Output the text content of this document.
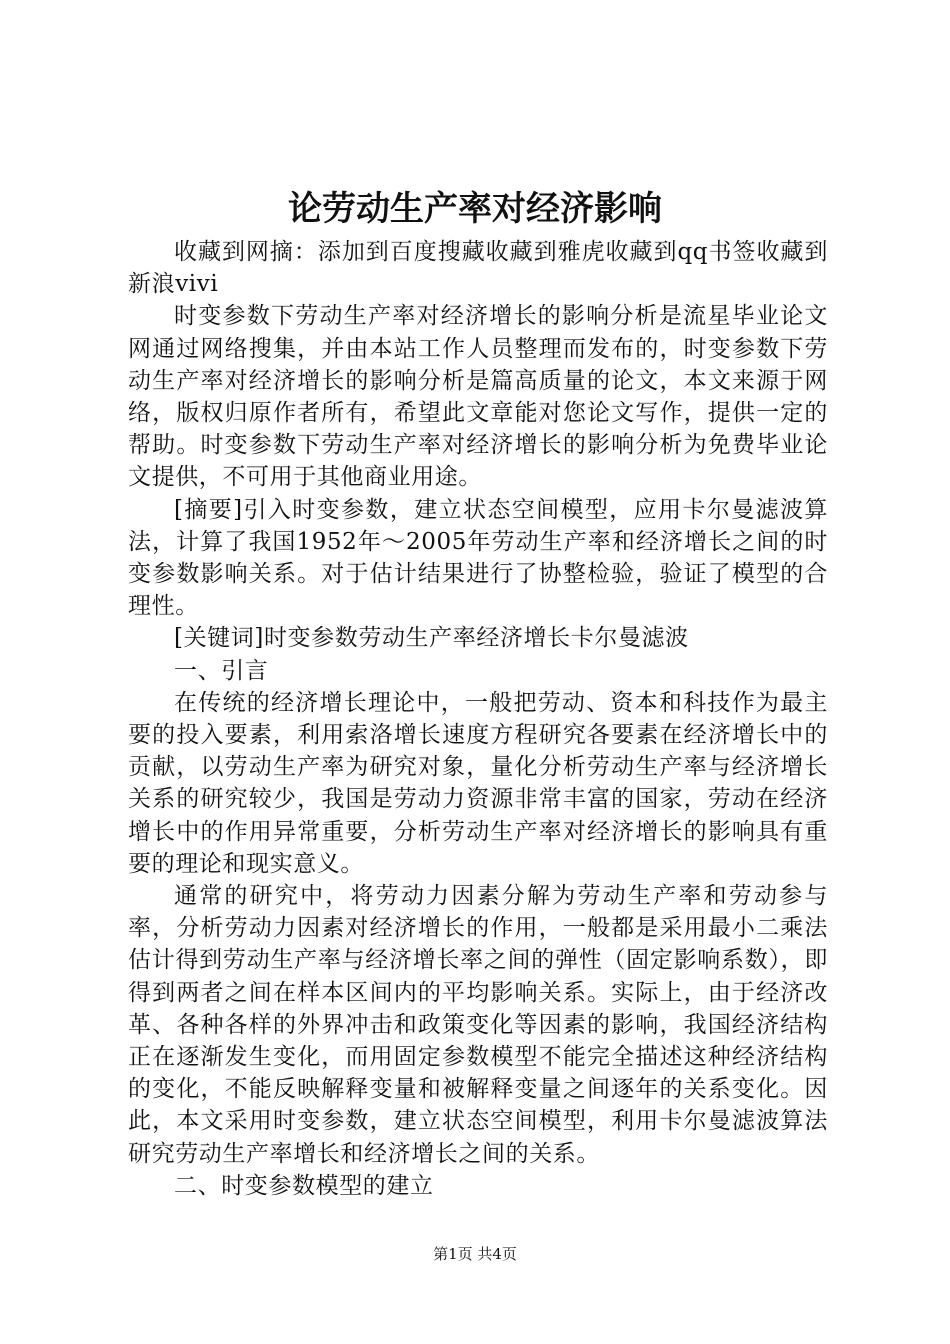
论劳动生产率对经济影响

收藏到网摘：添加到百度搜藏收藏到雅虎收藏到qq书签收藏到新浪vivi

时变参数下劳动生产率对经济增长的影响分析是流星毕业论文网通过网络搜集，并由本站工作人员整理而发布的，时变参数下劳动生产率对经济增长的影响分析是篇高质量的论文，本文来源于网络，版权归原作者所有，希望此文章能对您论文写作，提供一定的帮助。时变参数下劳动生产率对经济增长的影响分析为免费毕业论文提供，不可用于其他商业用途。

[摘要]引入时变参数，建立状态空间模型，应用卡尔曼滤波算法，计算了我国1952年～2005年劳动生产率和经济增长之间的时变参数影响关系。对于估计结果进行了协整检验，验证了模型的合理性。

[关键词]时变参数劳动生产率经济增长卡尔曼滤波

一、引言

在传统的经济增长理论中，一般把劳动、资本和科技作为最主要的投入要素，利用索洛增长速度方程研究各要素在经济增长中的贡献，以劳动生产率为研究对象，量化分析劳动生产率与经济增长关系的研究较少，我国是劳动力资源非常丰富的国家，劳动在经济增长中的作用异常重要，分析劳动生产率对经济增长的影响具有重要的理论和现实意义。

通常的研究中，将劳动力因素分解为劳动生产率和劳动参与率，分析劳动力因素对经济增长的作用，一般都是采用最小二乘法估计得到劳动生产率与经济增长率之间的弹性（固定影响系数），即得到两者之间在样本区间内的平均影响关系。实际上，由于经济改革、各种各样的外界冲击和政策变化等因素的影响，我国经济结构正在逐渐发生变化，而用固定参数模型不能完全描述这种经济结构的变化，不能反映解释变量和被解释变量之间逐年的关系变化。因此，本文采用时变参数，建立状态空间模型，利用卡尔曼滤波算法研究劳动生产率增长和经济增长之间的关系。

二、时变参数模型的建立

第1页 共4页
